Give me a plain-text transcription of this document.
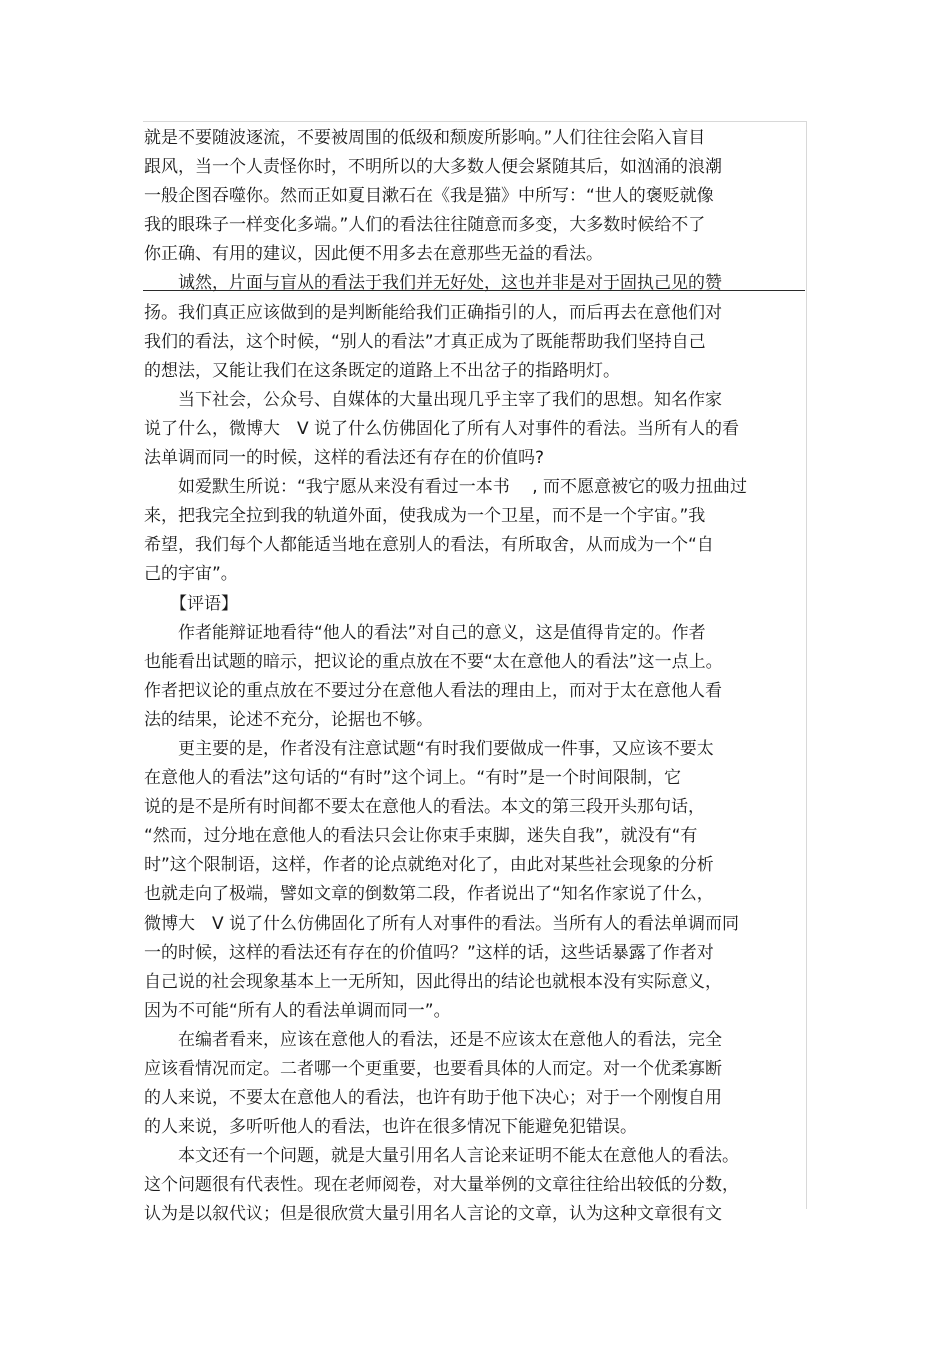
就是不要随波逐流，不要被周围的低级和颓废所影响。”人们往往会陷入盲目
跟风，当一个人责怪你时，不明所以的大多数人便会紧随其后，如汹涌的浪潮
一般企图吞噬你。然而正如夏目漱石在《我是猫》中所写：“世人的褒贬就像
我的眼珠子一样变化多端。”人们的看法往往随意而多变，大多数时候给不了
你正确、有用的建议，因此便不用多去在意那些无益的看法。
诚然，片面与盲从的看法于我们并无好处，这也并非是对于固执己见的赞
扬。我们真正应该做到的是判断能给我们正确指引的人，而后再去在意他们对
我们的看法，这个时候，“别人的看法”才真正成为了既能帮助我们坚持自己
的想法，又能让我们在这条既定的道路上不出岔子的指路明灯。
当下社会，公众号、自媒体的大量出现几乎主宰了我们的思想。知名作家
说了什么，微博大　V 说了什么仿佛固化了所有人对事件的看法。当所有人的看
法单调而同一的时候，这样的看法还有存在的价值吗?
如爱默生所说：“我宁愿从来没有看过一本书　 , 而不愿意被它的吸力扭曲过
来，把我完全拉到我的轨道外面，使我成为一个卫星，而不是一个宇宙。”我
希望，我们每个人都能适当地在意别人的看法，有所取舍，从而成为一个“自
己的宇宙”。
【评语】
作者能辩证地看待“他人的看法”对自己的意义，这是值得肯定的。作者
也能看出试题的暗示，把议论的重点放在不要“太在意他人的看法”这一点上。
作者把议论的重点放在不要过分在意他人看法的理由上，而对于太在意他人看
法的结果，论述不充分，论据也不够。
更主要的是，作者没有注意试题“有时我们要做成一件事，又应该不要太
在意他人的看法”这句话的“有时”这个词上。“有时”是一个时间限制，它
说的是不是所有时间都不要太在意他人的看法。本文的第三段开头那句话，
“然而，过分地在意他人的看法只会让你束手束脚，迷失自我”，就没有“有
时”这个限制语，这样，作者的论点就绝对化了，由此对某些社会现象的分析
也就走向了极端，譬如文章的倒数第二段，作者说出了“知名作家说了什么，
微博大　V 说了什么仿佛固化了所有人对事件的看法。当所有人的看法单调而同
一的时候，这样的看法还有存在的价值吗？”这样的话，这些话暴露了作者对
自己说的社会现象基本上一无所知，因此得出的结论也就根本没有实际意义，
因为不可能“所有人的看法单调而同一”。
在编者看来，应该在意他人的看法，还是不应该太在意他人的看法，完全
应该看情况而定。二者哪一个更重要，也要看具体的人而定。对一个优柔寡断
的人来说，不要太在意他人的看法，也许有助于他下决心；对于一个刚愎自用
的人来说，多听听他人的看法，也许在很多情况下能避免犯错误。
本文还有一个问题，就是大量引用名人言论来证明不能太在意他人的看法。
这个问题很有代表性。现在老师阅卷，对大量举例的文章往往给出较低的分数，
认为是以叙代议；但是很欣赏大量引用名人言论的文章，认为这种文章很有文
